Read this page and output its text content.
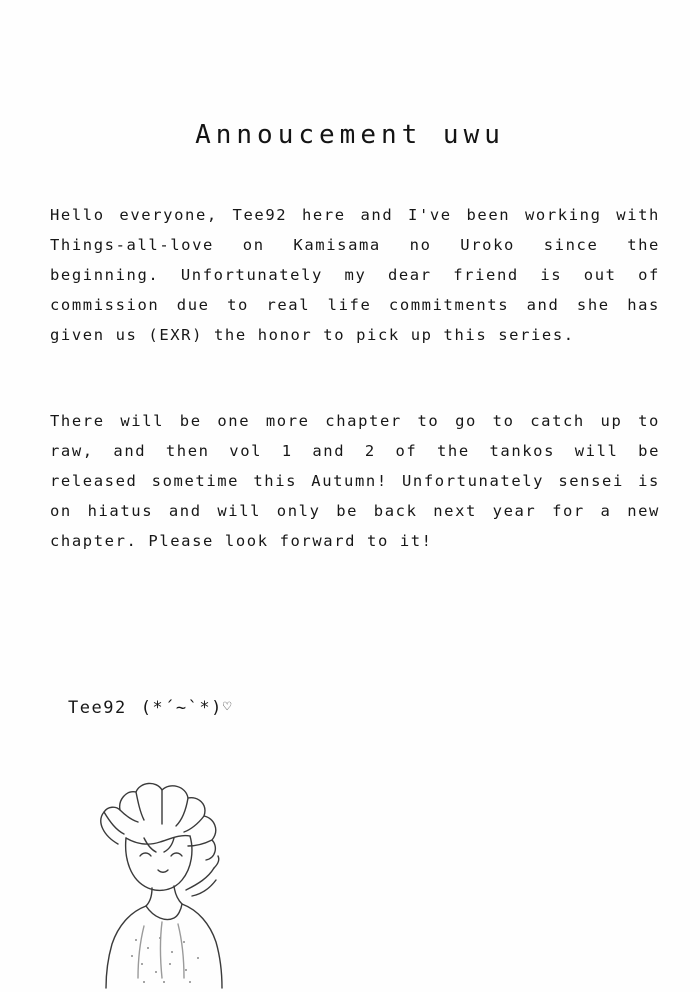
Annoucement uwu
Hello everyone, Tee92 here and I've been working with Things-all-love on Kamisama no Uroko since the beginning. Unfortunately my dear friend is out of commission due to real life commitments and she has given us (EXR) the honor to pick up this series.
There will be one more chapter to go to catch up to raw, and then vol 1 and 2 of the tankos will be released sometime this Autumn! Unfortunately sensei is on hiatus and will only be back next year for a new chapter. Please look forward to it!
Tee92 (*´~`*)♡
